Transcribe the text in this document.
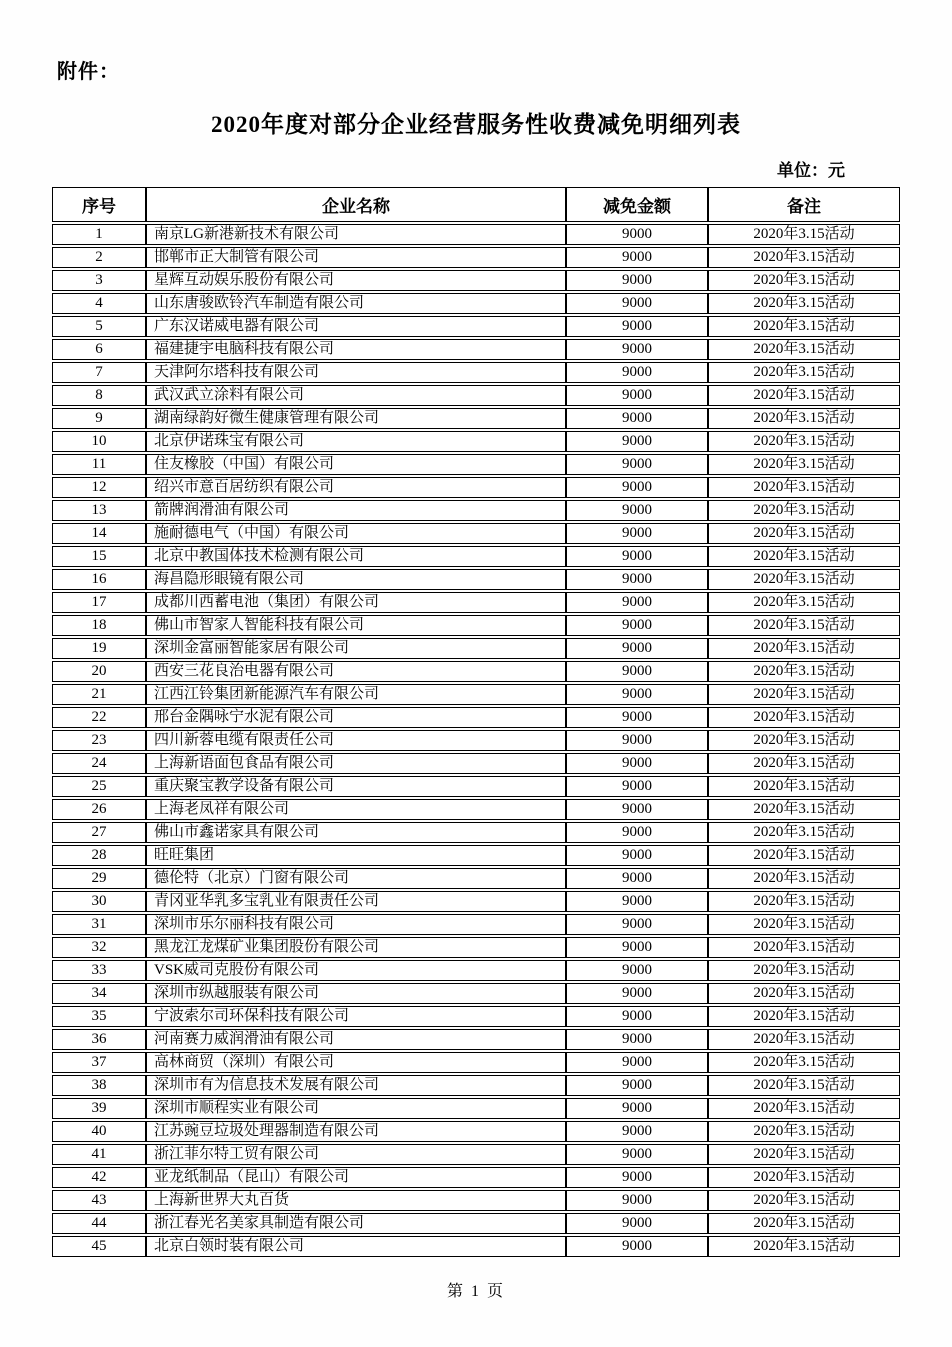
附件：
2020年度对部分企业经营服务性收费减免明细列表
单位：元
序号	企业名称	减免金额	备注
1	南京LG新港新技术有限公司	9000	2020年3.15活动
2	邯郸市正大制管有限公司	9000	2020年3.15活动
3	星辉互动娱乐股份有限公司	9000	2020年3.15活动
4	山东唐骏欧铃汽车制造有限公司	9000	2020年3.15活动
5	广东汉诺威电器有限公司	9000	2020年3.15活动
6	福建捷宇电脑科技有限公司	9000	2020年3.15活动
7	天津阿尔塔科技有限公司	9000	2020年3.15活动
8	武汉武立涂料有限公司	9000	2020年3.15活动
9	湖南绿韵好微生健康管理有限公司	9000	2020年3.15活动
10	北京伊诺珠宝有限公司	9000	2020年3.15活动
11	住友橡胶（中国）有限公司	9000	2020年3.15活动
12	绍兴市意百居纺织有限公司	9000	2020年3.15活动
13	箭牌润滑油有限公司	9000	2020年3.15活动
14	施耐德电气（中国）有限公司	9000	2020年3.15活动
15	北京中教国体技术检测有限公司	9000	2020年3.15活动
16	海昌隐形眼镜有限公司	9000	2020年3.15活动
17	成都川西蓄电池（集团）有限公司	9000	2020年3.15活动
18	佛山市智家人智能科技有限公司	9000	2020年3.15活动
19	深圳金富丽智能家居有限公司	9000	2020年3.15活动
20	西安三花良治电器有限公司	9000	2020年3.15活动
21	江西江铃集团新能源汽车有限公司	9000	2020年3.15活动
22	邢台金隅咏宁水泥有限公司	9000	2020年3.15活动
23	四川新蓉电缆有限责任公司	9000	2020年3.15活动
24	上海新语面包食品有限公司	9000	2020年3.15活动
25	重庆聚宝教学设备有限公司	9000	2020年3.15活动
26	上海老凤祥有限公司	9000	2020年3.15活动
27	佛山市鑫诺家具有限公司	9000	2020年3.15活动
28	旺旺集团	9000	2020年3.15活动
29	德伦特（北京）门窗有限公司	9000	2020年3.15活动
30	青冈亚华乳多宝乳业有限责任公司	9000	2020年3.15活动
31	深圳市乐尔丽科技有限公司	9000	2020年3.15活动
32	黑龙江龙煤矿业集团股份有限公司	9000	2020年3.15活动
33	VSK威司克股份有限公司	9000	2020年3.15活动
34	深圳市纵越服装有限公司	9000	2020年3.15活动
35	宁波索尔司环保科技有限公司	9000	2020年3.15活动
36	河南赛力威润滑油有限公司	9000	2020年3.15活动
37	高林商贸（深圳）有限公司	9000	2020年3.15活动
38	深圳市有为信息技术发展有限公司	9000	2020年3.15活动
39	深圳市顺程实业有限公司	9000	2020年3.15活动
40	江苏豌豆垃圾处理器制造有限公司	9000	2020年3.15活动
41	浙江菲尔特工贸有限公司	9000	2020年3.15活动
42	亚龙纸制品（昆山）有限公司	9000	2020年3.15活动
43	上海新世界大丸百货	9000	2020年3.15活动
44	浙江春光名美家具制造有限公司	9000	2020年3.15活动
45	北京白领时装有限公司	9000	2020年3.15活动
第 1 页
